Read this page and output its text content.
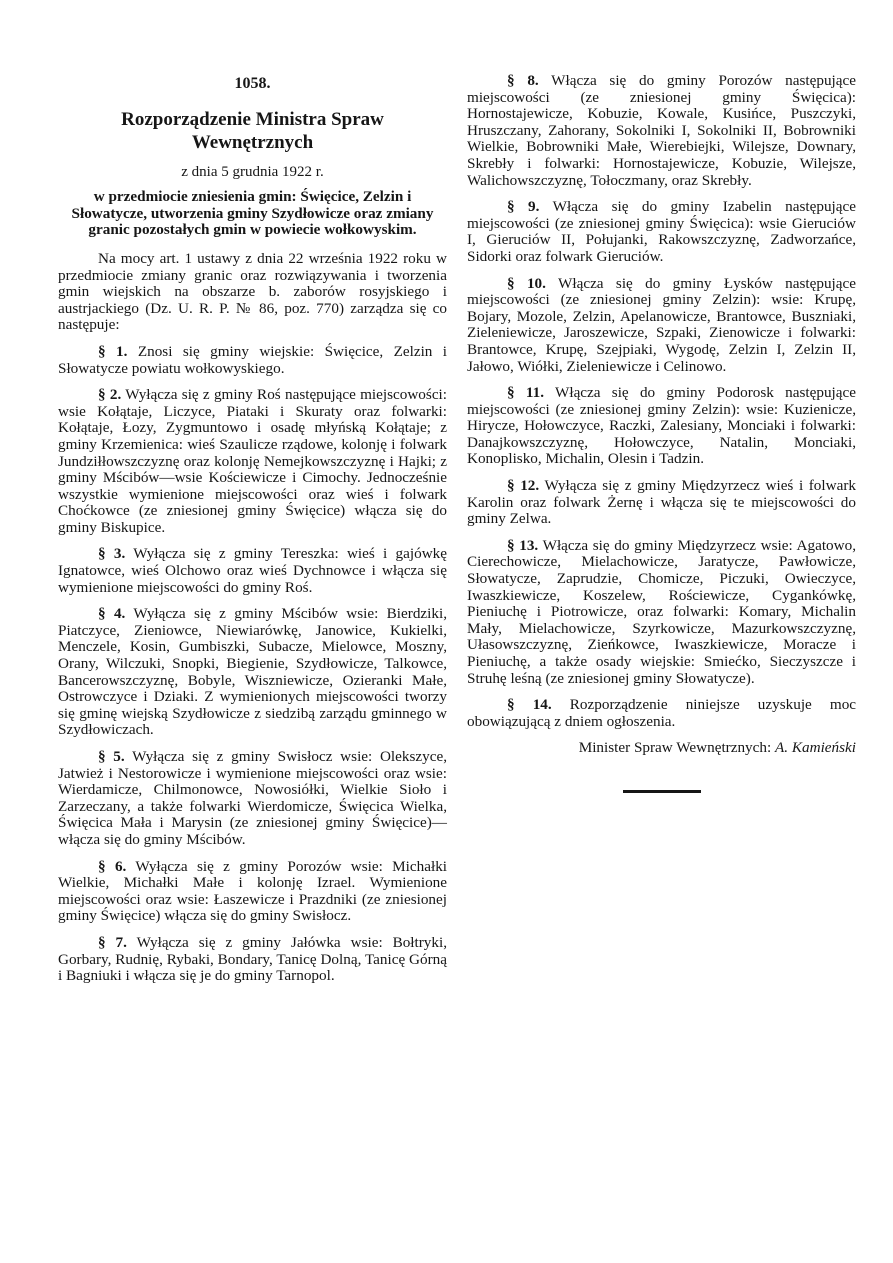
1058.
Rozporządzenie Ministra Spraw Wewnętrznych
z dnia 5 grudnia 1922 r.
w przedmiocie zniesienia gmin: Święcice, Zelzin i Słowatycze, utworzenia gminy Szydłowicze oraz zmiany granic pozostałych gmin w powiecie wołkowyskim.

Na mocy art. 1 ustawy z dnia 22 września 1922 roku w przedmiocie zmiany granic oraz rozwiązywania i tworzenia gmin wiejskich na obszarze b. zaborów rosyjskiego i austrjackiego (Dz. U. R. P. № 86, poz. 770) zarządza się co następuje:

§ 1. Znosi się gminy wiejskie: Święcice, Zelzin i Słowatycze powiatu wołkowyskiego.

§ 2. Wyłącza się z gminy Roś następujące miejscowości: wsie Kołątaje, Liczyce, Piataki i Skuraty oraz folwarki: Kołątaje, Łozy, Zygmuntowo i osadę młyńską Kołątaje; z gminy Krzemienica: wieś Szaulicze rządowe, kolonję i folwark Jundziłłowszczyznę oraz kolonję Nemejkowszczyznę i Hajki; z gminy Mścibów—wsie Kościewicze i Cimochy. Jednocześnie wszystkie wymienione miejscowości oraz wieś i folwark Choćkowce (ze zniesionej gminy Święcice) włącza się do gminy Biskupice.

§ 3. Wyłącza się z gminy Tereszka: wieś i gajówkę Ignatowce, wieś Olchowo oraz wieś Dychnowce i włącza się wymienione miejscowości do gminy Roś.

§ 4. Wyłącza się z gminy Mścibów wsie: Bierdziki, Piatczyce, Zieniowce, Niewiarówkę, Janowice, Kukielki, Menczele, Kosin, Gumbiszki, Subacze, Mielowce, Moszny, Orany, Wilczuki, Snopki, Biegienie, Szydłowicze, Talkowce, Bancerowszczyznę, Bobyle, Wiszniewicze, Ozieranki Małe, Ostrowczyce i Dziaki. Z wymienionych miejscowości tworzy się gminę wiejską Szydłowicze z siedzibą zarządu gminnego w Szydłowiczach.

§ 5. Wyłącza się z gminy Swisłocz wsie: Olekszyce, Jatwież i Nestorowicze i wymienione miejscowości oraz wsie: Wierdamicze, Chilmonowce, Nowosiółki, Wielkie Sioło i Zarzeczany, a także folwarki Wierdomicze, Święcica Wielka, Święcica Mała i Marysin (ze zniesionej gminy Święcice)—włącza się do gminy Mścibów.

§ 6. Wyłącza się z gminy Porozów wsie: Michałki Wielkie, Michałki Małe i kolonję Izrael. Wymienione miejscowości oraz wsie: Łaszewicze i Prazdniki (ze zniesionej gminy Święcice) włącza się do gminy Swisłocz.

§ 7. Wyłącza się z gminy Jałówka wsie: Bołtryki, Gorbary, Rudnię, Rybaki, Bondary, Tanicę Dolną, Tanicę Górną i Bagniuki i włącza się je do gminy Tarnopol.

§ 8. Włącza się do gminy Porozów następujące miejscowości (ze zniesionej gminy Święcica): Hornostajewicze, Kobuzie, Kowale, Kusińce, Puszczyki, Hruszczany, Zahorany, Sokolniki I, Sokolniki II, Bobrowniki Wielkie, Bobrowniki Małe, Wierebiejki, Wilejsze, Downary, Skrebły i folwarki: Hornostajewicze, Kobuzie, Wilejsze, Walichowszczyznę, Tołoczmany, oraz Skrebły.

§ 9. Włącza się do gminy Izabelin następujące miejscowości (ze zniesionej gminy Święcica): wsie Gieruciów I, Gieruciów II, Połujanki, Rakowszczyznę, Zadworzańce, Sidorki oraz folwark Gieruciów.

§ 10. Włącza się do gminy Łysków następujące miejscowości (ze zniesionej gminy Zelzin): wsie: Krupę, Bojary, Mozole, Zelzin, Apelanowicze, Brantowce, Buszniaki, Zieleniewicze, Jaroszewicze, Szpaki, Zienowicze i folwarki: Brantowce, Krupę, Szejpiaki, Wygodę, Zelzin I, Zelzin II, Jałowo, Wiółki, Zieleniewicze i Celinowo.

§ 11. Włącza się do gminy Podorosk następujące miejscowości (ze zniesionej gminy Zelzin): wsie: Kuzienicze, Hirycze, Hołowczyce, Raczki, Zalesiany, Monciaki i folwarki: Danajkowszczyznę, Hołowczyce, Natalin, Monciaki, Konoplisko, Michalin, Olesin i Tadzin.

§ 12. Wyłącza się z gminy Międzyrzecz wieś i folwark Karolin oraz folwark Żernę i włącza się te miejscowości do gminy Zelwa.

§ 13. Włącza się do gminy Międzyrzecz wsie: Agatowo, Cierechowicze, Mielachowicze, Jaratycze, Pawłowicze, Słowatycze, Zaprudzie, Chomicze, Piczuki, Owieczyce, Iwaszkiewicze, Koszelew, Rościewicze, Cygankówkę, Pieniuchę i Piotrowicze, oraz folwarki: Komary, Michalin Mały, Mielachowicze, Szyrkowicze, Mazurkowszczyznę, Ułasowszczyznę, Zieńkowce, Iwaszkiewicze, Moracze i Pieniuchę, a także osady wiejskie: Smiećko, Sieczyszcze i Struhę leśną (ze zniesionej gminy Słowatycze).

§ 14. Rozporządzenie niniejsze uzyskuje moc obowiązującą z dniem ogłoszenia.

Minister Spraw Wewnętrznych: A. Kamieński
